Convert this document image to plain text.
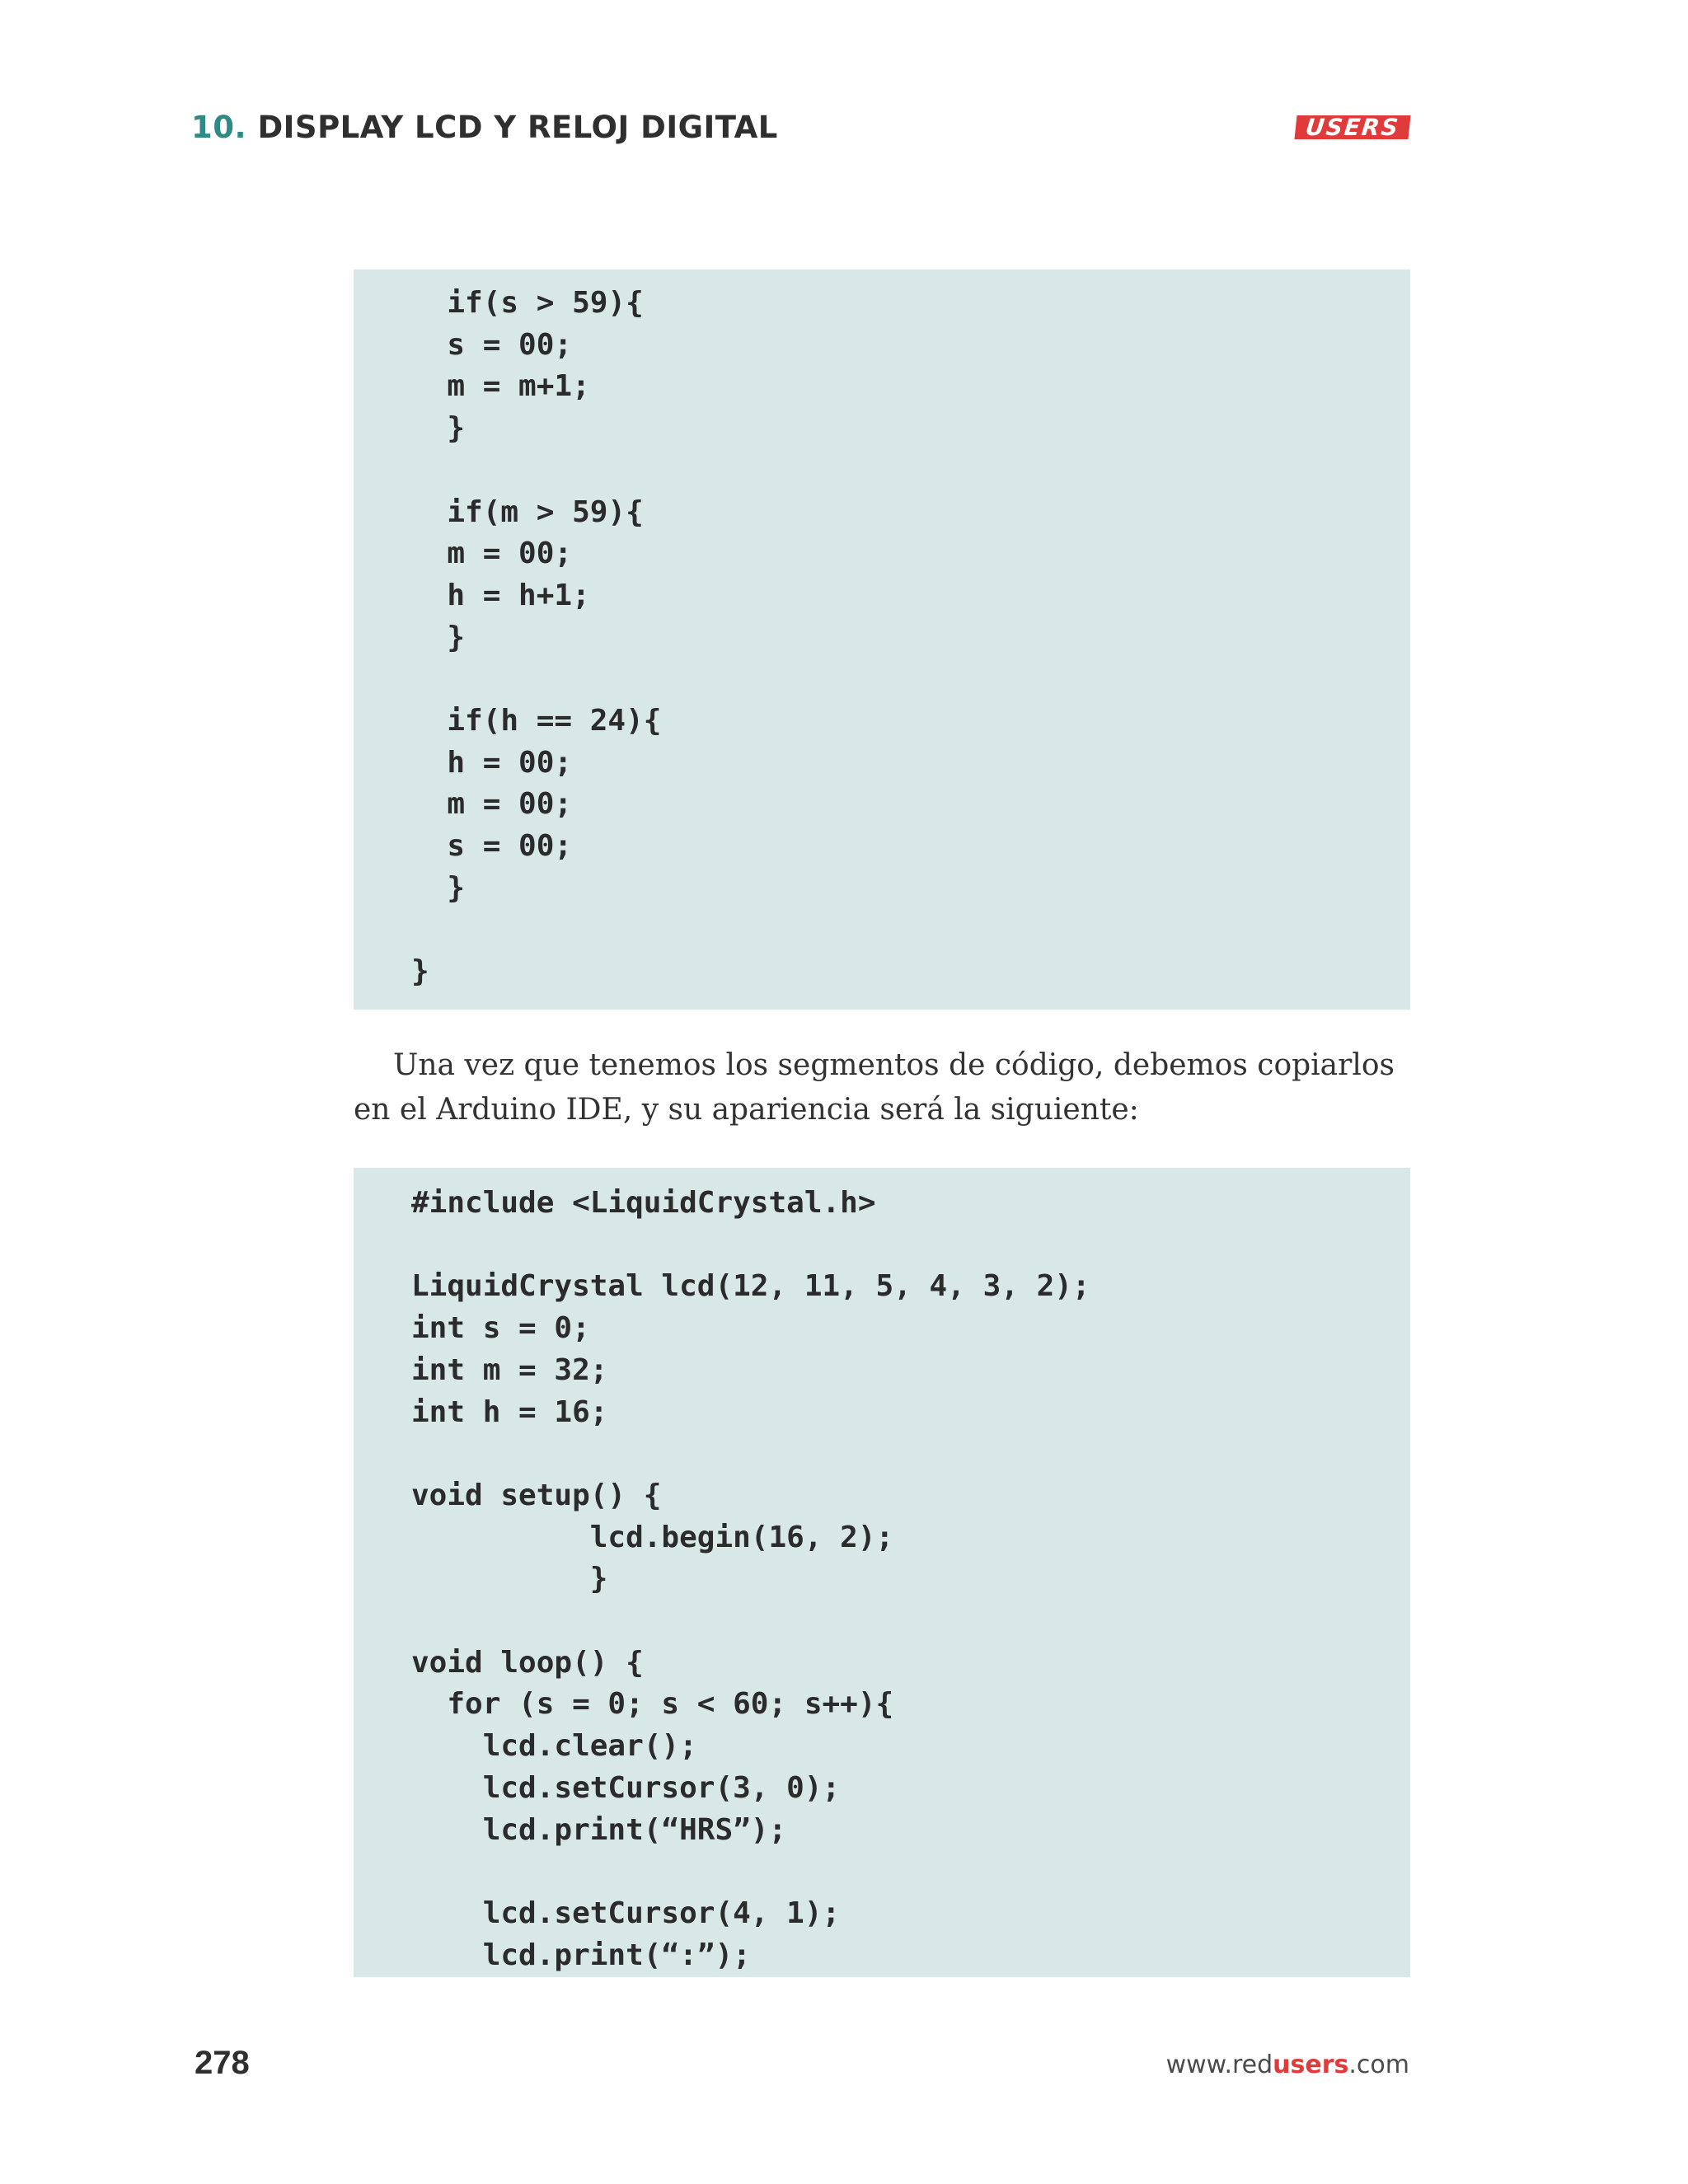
10. DISPLAY LCD Y RELOJ DIGITAL	USERS
if(s > 59){
s = 00;
m = m+1;
}

if(m > 59){
m = 00;
h = h+1;
}

if(h == 24){
h = 00;
m = 00;
s = 00;
}

}

Una vez que tenemos los segmentos de código, debemos copiarlos

en el Arduino IDE, y su apariencia será la siguiente:

#include <LiquidCrystal.h>

LiquidCrystal lcd(12, 11, 5, 4, 3, 2);
int s = 0;
int m = 32;
int h = 16;

void setup() {
lcd.begin(16, 2);
}

void loop() {
for (s = 0; s < 60; s++){
lcd.clear();
lcd.setCursor(3, 0);
lcd.print(“HRS”);

lcd.setCursor(4, 1);
lcd.print(“:”);
278	www.redusers.com
